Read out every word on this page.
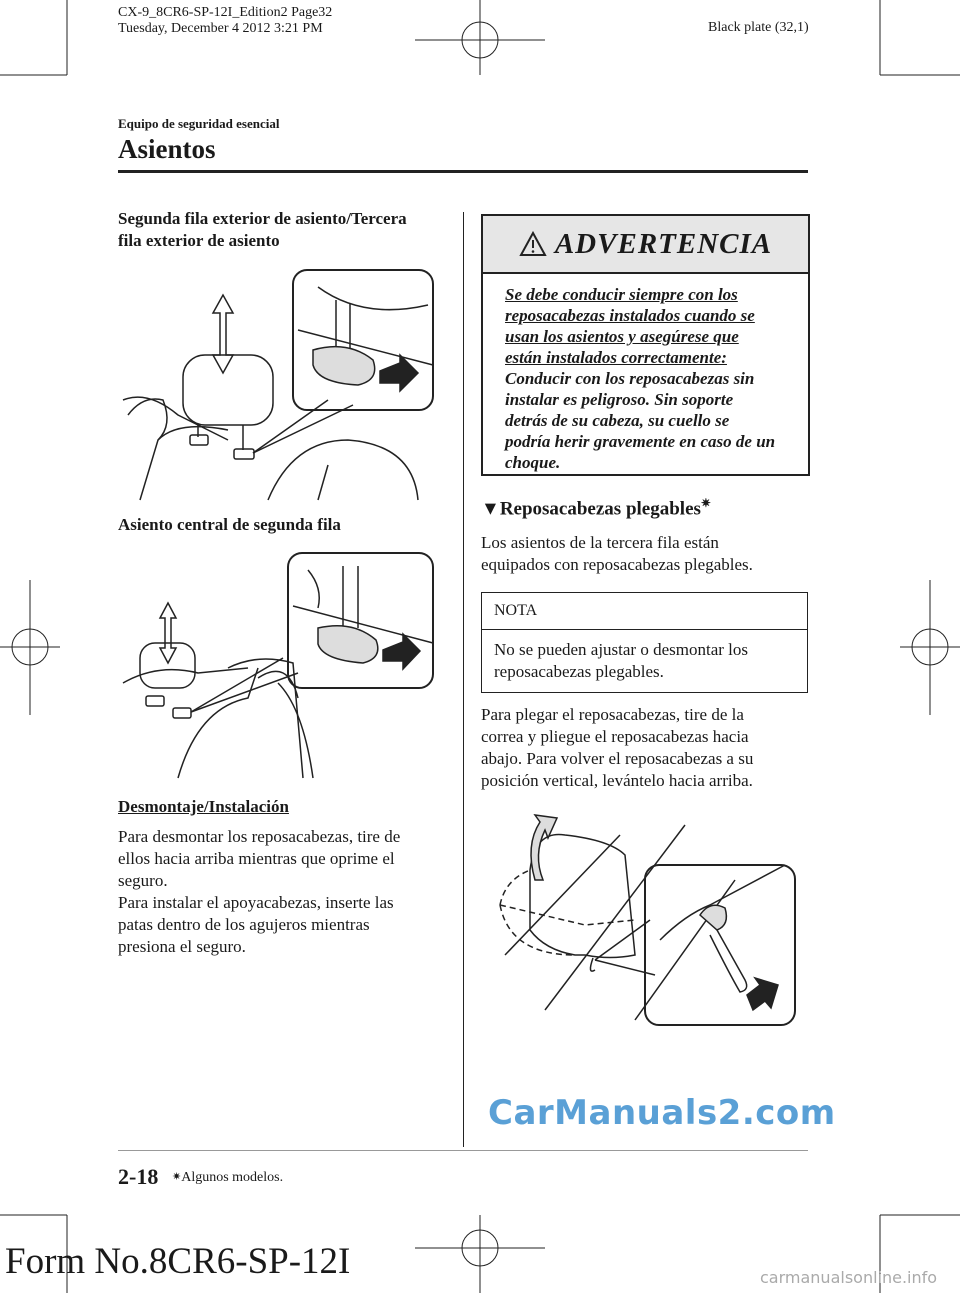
CX-9_8CR6-SP-12I_Edition2 Page32
Tuesday, December 4 2012 3:21 PM	Black plate (32,1)
Equipo de seguridad esencial
Asientos
Segunda fila exterior de asiento/Tercera
fila exterior de asiento
Asiento central de segunda fila
Desmontaje/Instalación
Para desmontar los reposacabezas, tire de
ellos hacia arriba mientras que oprime el
seguro.
Para instalar el apoyacabezas, inserte las
patas dentro de los agujeros mientras
presiona el seguro.
ADVERTENCIA
Se debe conducir siempre con los
reposacabezas instalados cuando se
usan los asientos y asegúrese que
están instalados correctamente:
Conducir con los reposacabezas sin
instalar es peligroso. Sin soporte
detrás de su cabeza, su cuello se
podría herir gravemente en caso de un
choque.
▼Reposacabezas plegables✷
Los asientos de la tercera fila están
equipados con reposacabezas plegables.
NOTA
No se pueden ajustar o desmontar los
reposacabezas plegables.
Para plegar el reposacabezas, tire de la
correa y pliegue el reposacabezas hacia
abajo. Para volver el reposacabezas a su
posición vertical, levántelo hacia arriba.
CarManuals2.com
2-18 ✷Algunos modelos.
Form No.8CR6-SP-12I	carmanualsonline.info
